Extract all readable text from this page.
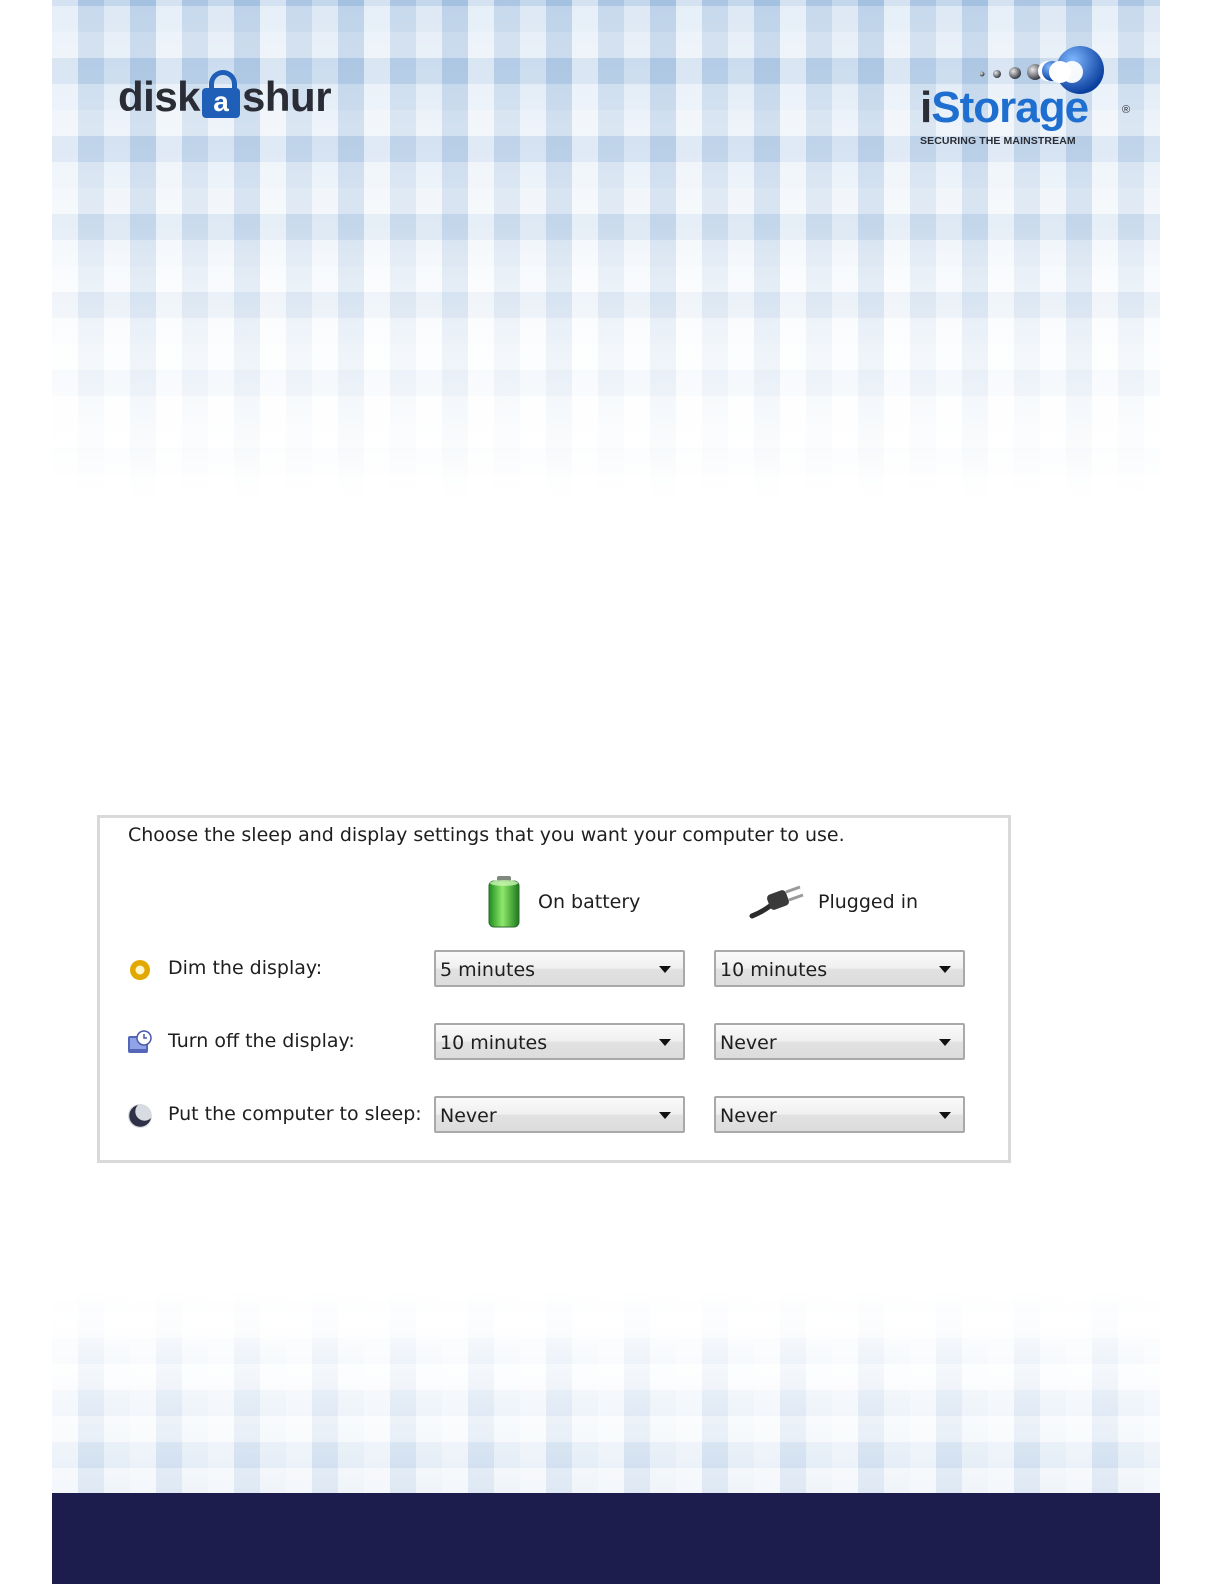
disk a shur	iStorage	®
SECURING THE MAINSTREAM
Choose the sleep and display settings that you want your computer to use.
On battery	Plugged in
Dim the display:	5 minutes	10 minutes
Turn off the display:	10 minutes	Never
Put the computer to sleep: Never	Never
